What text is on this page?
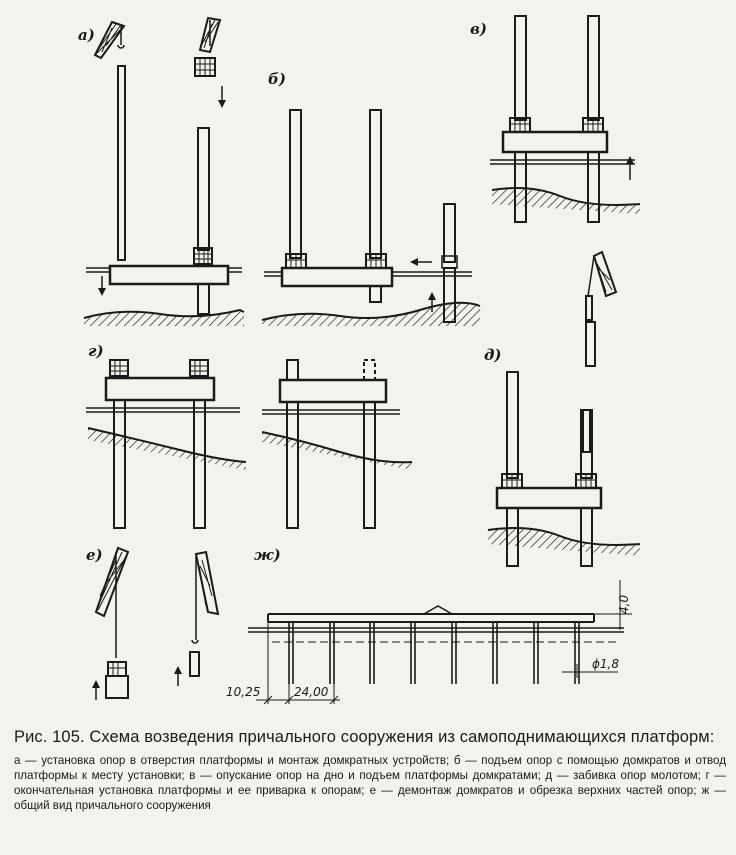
а)
б)
в)
д)
г)
е)	ж)
4,0
ϕ1,8
10,25	24,00

Рис. 105. Схема возведения причального сооружения из самоподнимающихся платформ:

а — установка опор в отверстия платформы и монтаж домкратных устройств; б — подъем опор с помощью домкратов и отвод платформы к месту установки; в — опускание опор на дно и подъем платформы домкратами; д — забивка опор молотом; г — окончательная установка платформы и ее приварка к опорам; е — демонтаж домкратов и обрезка верхних частей опор; ж — общий вид причального сооружения
